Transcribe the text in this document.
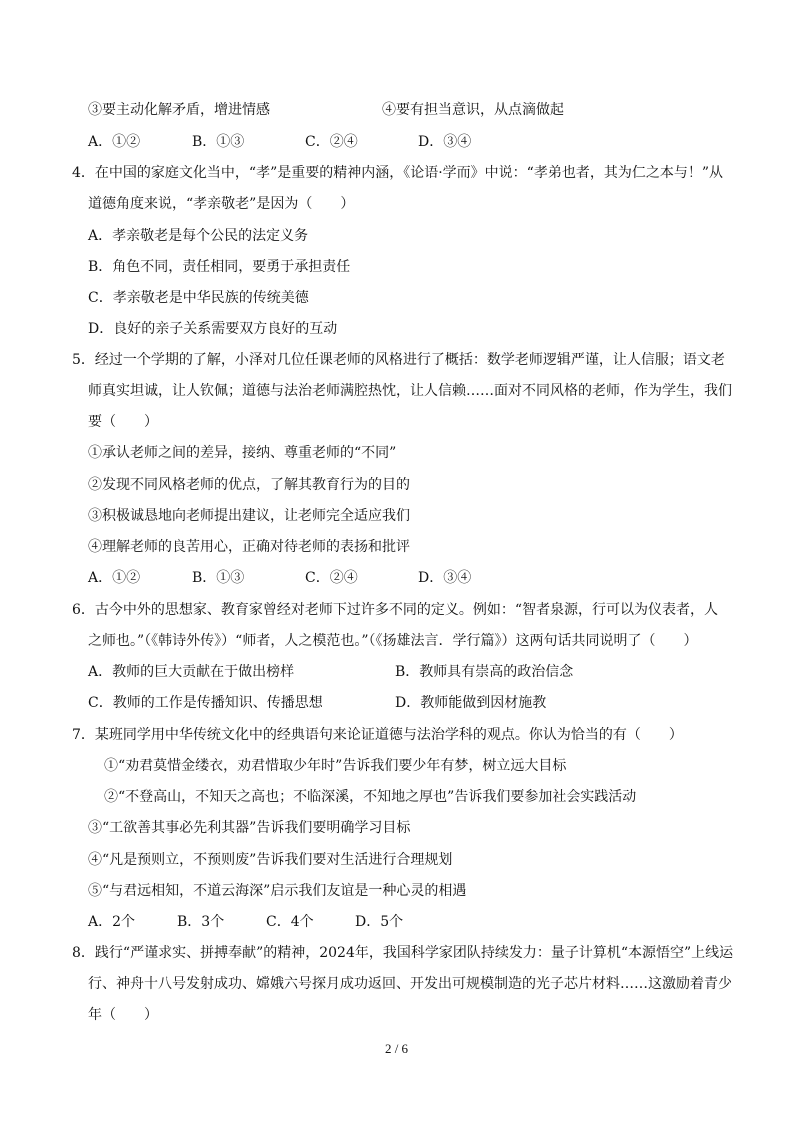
③要主动化解矛盾，增进情感	④要有担当意识，从点滴做起
A．①②	B．①③	C．②④	D．③④
4．在中国的家庭文化当中，“孝”是重要的精神内涵，《论语·学而》中说：“孝弟也者，其为仁之本与！”从
道德角度来说，“孝亲敬老”是因为（　　）
A．孝亲敬老是每个公民的法定义务
B．角色不同，责任相同，要勇于承担责任
C．孝亲敬老是中华民族的传统美德
D．良好的亲子关系需要双方良好的互动
5．经过一个学期的了解，小泽对几位任课老师的风格进行了概括：数学老师逻辑严谨，让人信服；语文老
师真实坦诚，让人钦佩；道德与法治老师满腔热忱，让人信赖……面对不同风格的老师，作为学生，我们
要（　　）
①承认老师之间的差异，接纳、尊重老师的“不同”
②发现不同风格老师的优点，了解其教育行为的目的
③积极诚恳地向老师提出建议，让老师完全适应我们
④理解老师的良苦用心，正确对待老师的表扬和批评
A．①②	B．①③	C．②④	D．③④
6．古今中外的思想家、教育家曾经对老师下过许多不同的定义。例如：“智者泉源，行可以为仪表者，人
之师也。”（《韩诗外传》）“师者，人之模范也。”（《扬雄法言．学行篇》）这两句话共同说明了（　　）
A．教师的巨大贡献在于做出榜样	B．教师具有崇高的政治信念
C．教师的工作是传播知识、传播思想	D．教师能做到因材施教
7．某班同学用中华传统文化中的经典语句来论证道德与法治学科的观点。你认为恰当的有（　　）
①“劝君莫惜金缕衣，劝君惜取少年时”告诉我们要少年有梦，树立远大目标
②“不登高山，不知天之高也；不临深溪，不知地之厚也”告诉我们要参加社会实践活动
③“工欲善其事必先利其器”告诉我们要明确学习目标
④“凡是预则立，不预则废”告诉我们要对生活进行合理规划
⑤“与君远相知，不道云海深”启示我们友谊是一种心灵的相遇
A．2个	B．3个	C．4个	D．5个
8．践行“严谨求实、拼搏奉献”的精神，2024年，我国科学家团队持续发力：量子计算机“本源悟空”上线运
行、神舟十八号发射成功、嫦娥六号探月成功返回、开发出可规模制造的光子芯片材料……这激励着青少
年（　　）
2 / 6
